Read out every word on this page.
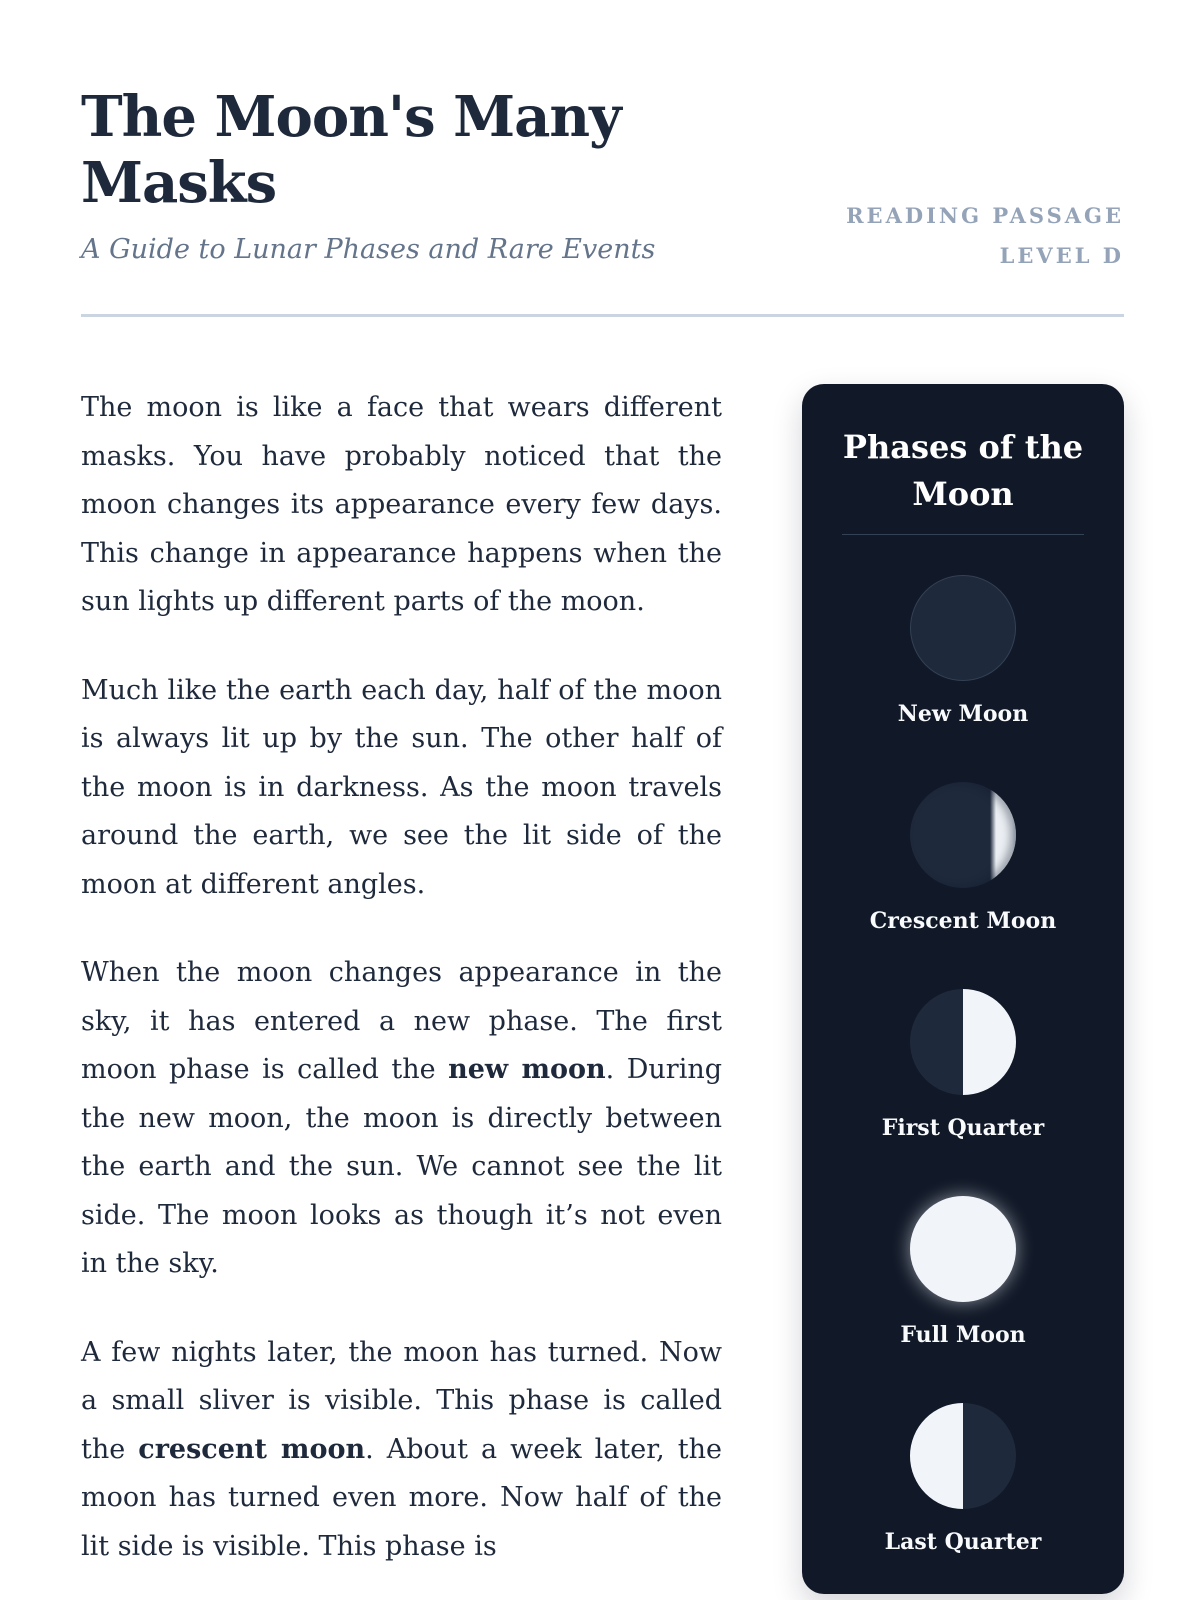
The Moon's Many Masks
A Guide to Lunar Phases and Rare Events
READING PASSAGE LEVEL D

The moon is like a face that wears different masks. You have probably noticed that the moon changes its appearance every few days. This change in appearance happens when the sun lights up different parts of the moon.

Much like the earth each day, half of the moon is always lit up by the sun. The other half of the moon is in darkness. As the moon travels around the earth, we see the lit side of the moon at different angles.

When the moon changes appearance in the sky, it has entered a new phase. The first moon phase is called the new moon. During the new moon, the moon is directly between the earth and the sun. We cannot see the lit side. The moon looks as though it’s not even in the sky.

A few nights later, the moon has turned. Now a small sliver is visible. This phase is called the crescent moon. About a week later, the moon has turned even more. Now half of the lit side is visible. This phase is

Phases of the Moon
New Moon
Crescent Moon
First Quarter
Full Moon
Last Quarter
